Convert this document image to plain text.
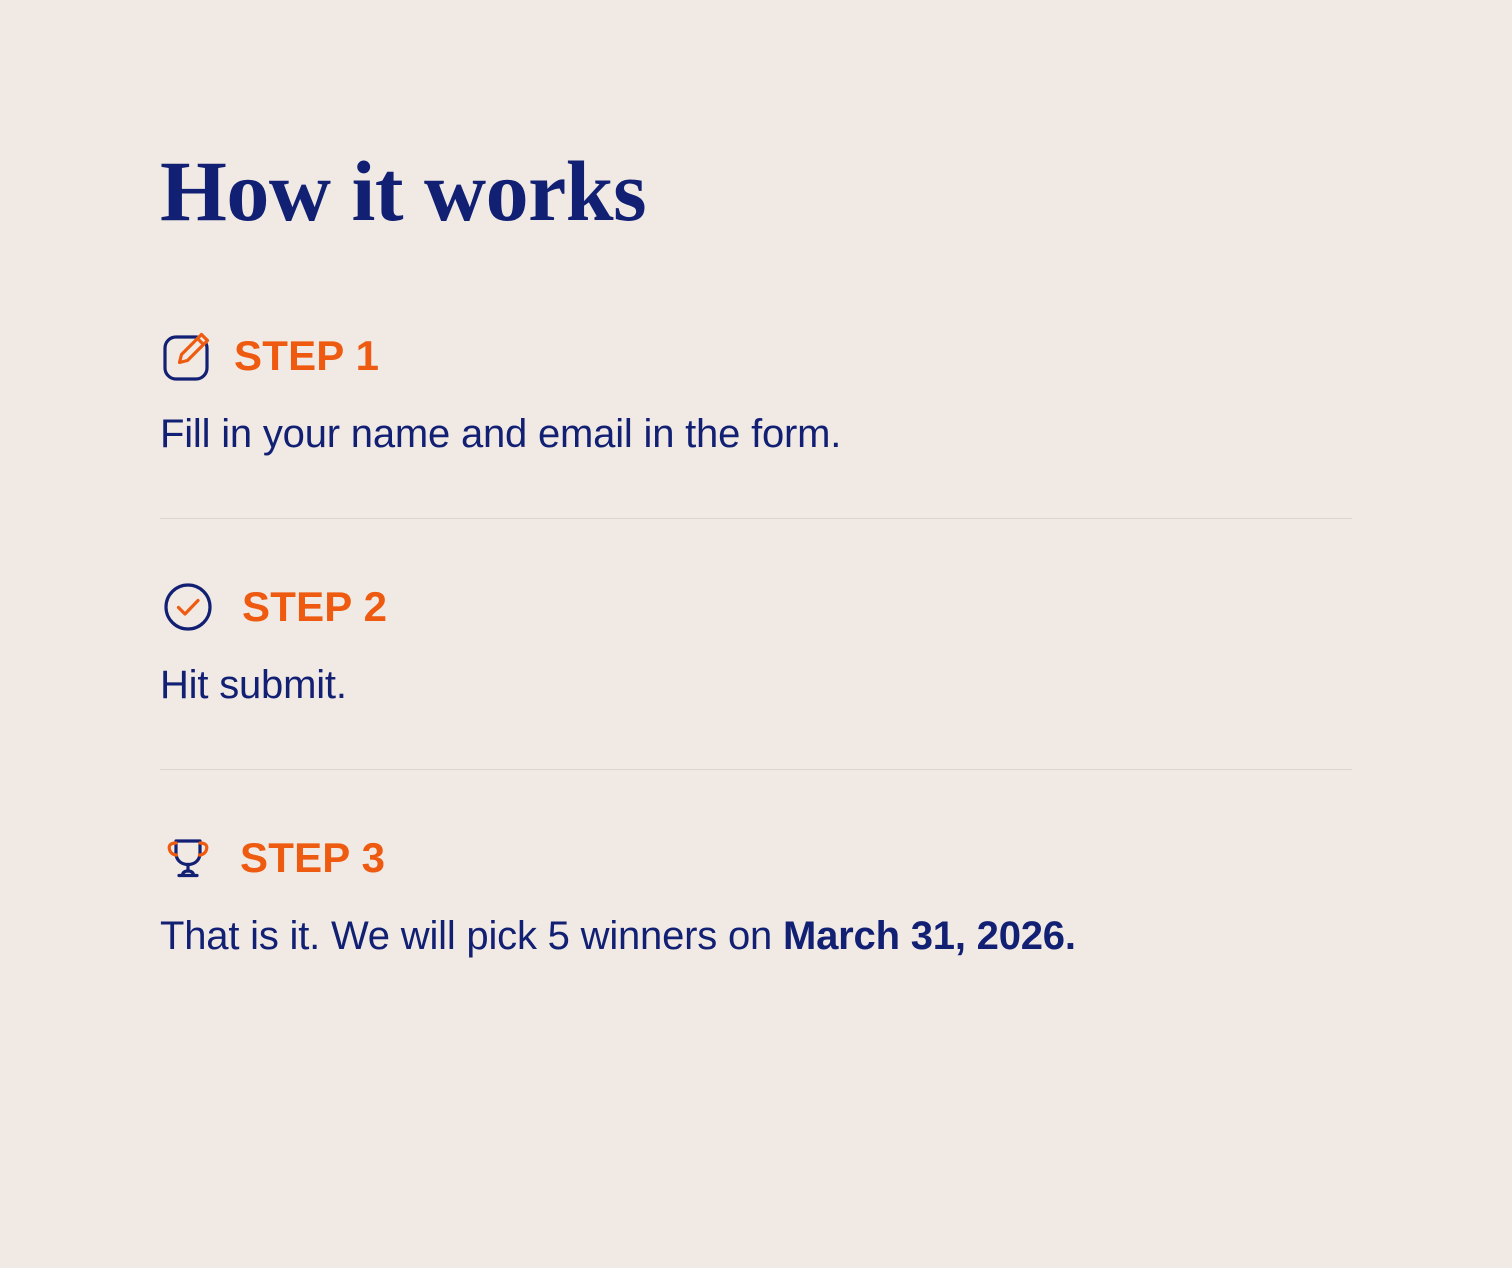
How it works
STEP 1
Fill in your name and email in the form.
STEP 2
Hit submit.
STEP 3
That is it. We will pick 5 winners on March 31, 2026.
